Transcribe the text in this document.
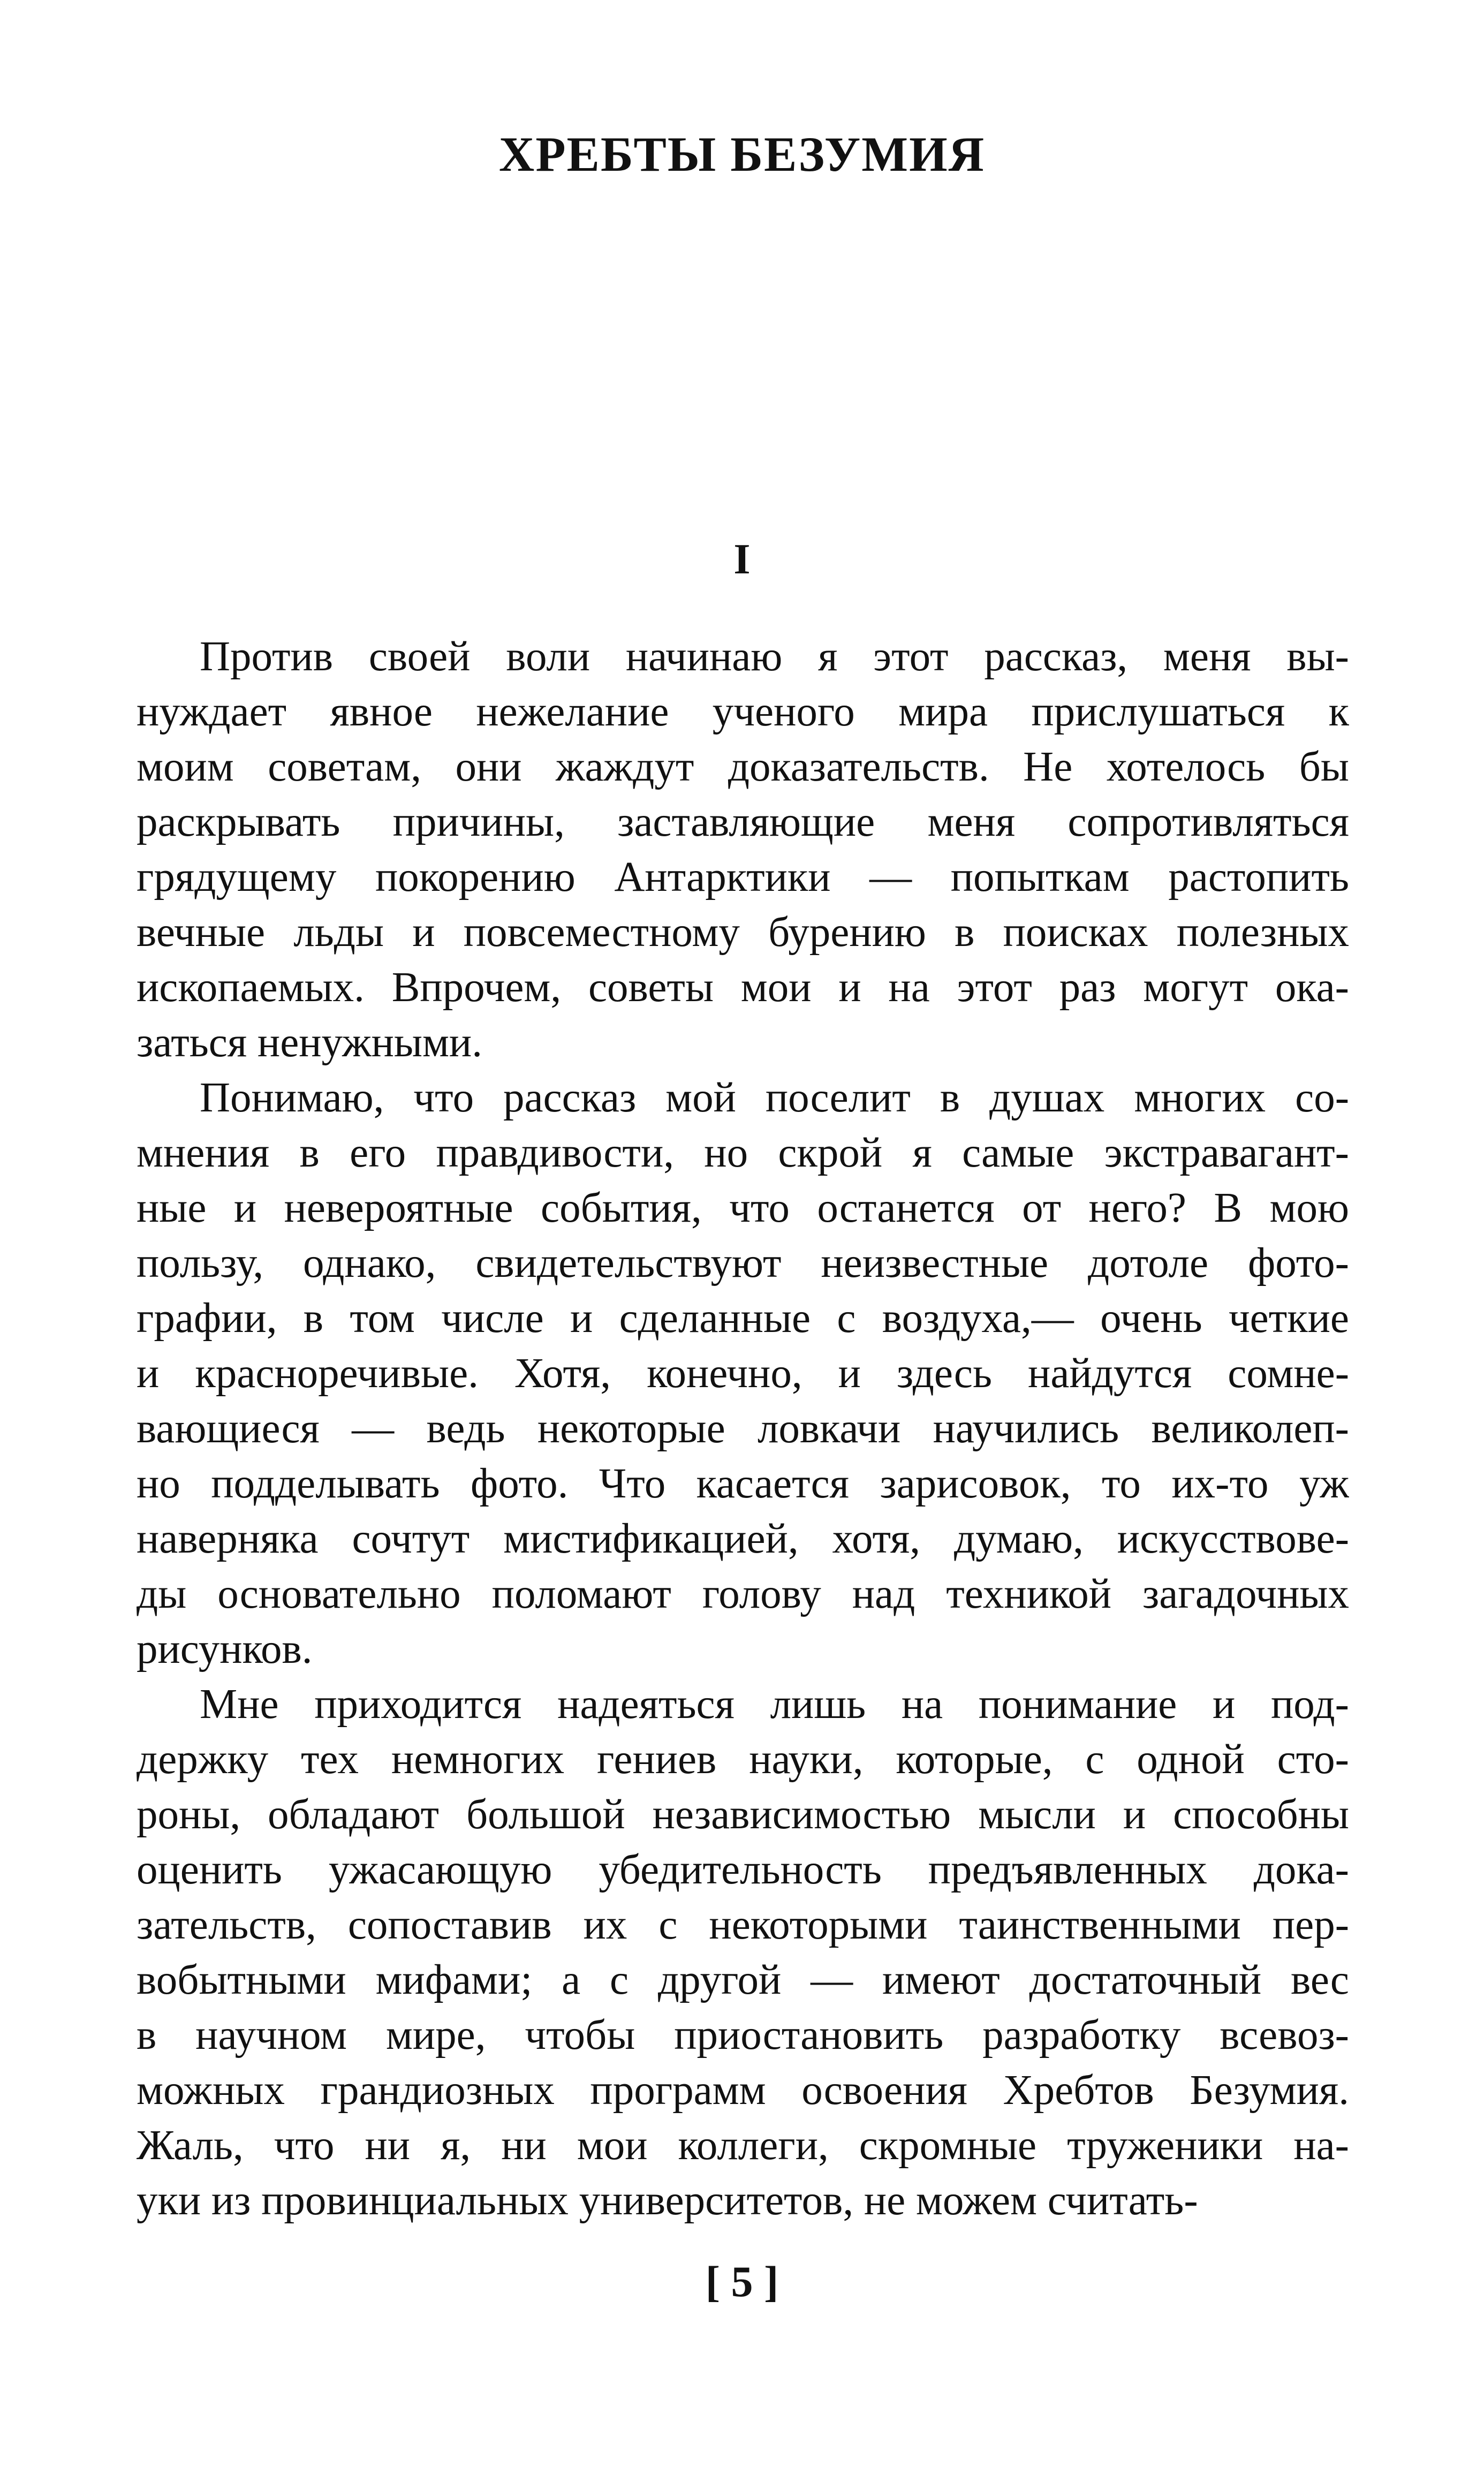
ХРЕБТЫ БЕЗУМИЯ
I
Против своей воли начинаю я этот рассказ, меня вы-
нуждает явное нежелание ученого мира прислушаться к
моим советам, они жаждут доказательств. Не хотелось бы
раскрывать причины, заставляющие меня сопротивляться
грядущему покорению Антарктики — попыткам растопить
вечные льды и повсеместному бурению в поисках полезных
ископаемых. Впрочем, советы мои и на этот раз могут ока-
заться ненужными.
Понимаю, что рассказ мой поселит в душах многих со-
мнения в его правдивости, но скрой я самые экстравагант-
ные и невероятные события, что останется от него? В мою
пользу, однако, свидетельствуют неизвестные дотоле фото-
графии, в том числе и сделанные с воздуха,— очень четкие
и красноречивые. Хотя, конечно, и здесь найдутся сомне-
вающиеся — ведь некоторые ловкачи научились великолеп-
но подделывать фото. Что касается зарисовок, то их-то уж
наверняка сочтут мистификацией, хотя, думаю, искусствове-
ды основательно поломают голову над техникой загадочных
рисунков.
Мне приходится надеяться лишь на понимание и под-
держку тех немногих гениев науки, которые, с одной сто-
роны, обладают большой независимостью мысли и способны
оценить ужасающую убедительность предъявленных дока-
зательств, сопоставив их с некоторыми таинственными пер-
вобытными мифами; а с другой — имеют достаточный вес
в научном мире, чтобы приостановить разработку всевоз-
можных грандиозных программ освоения Хребтов Безумия.
Жаль, что ни я, ни мои коллеги, скромные труженики на-
уки из провинциальных университетов, не можем считать-
[ 5 ]
